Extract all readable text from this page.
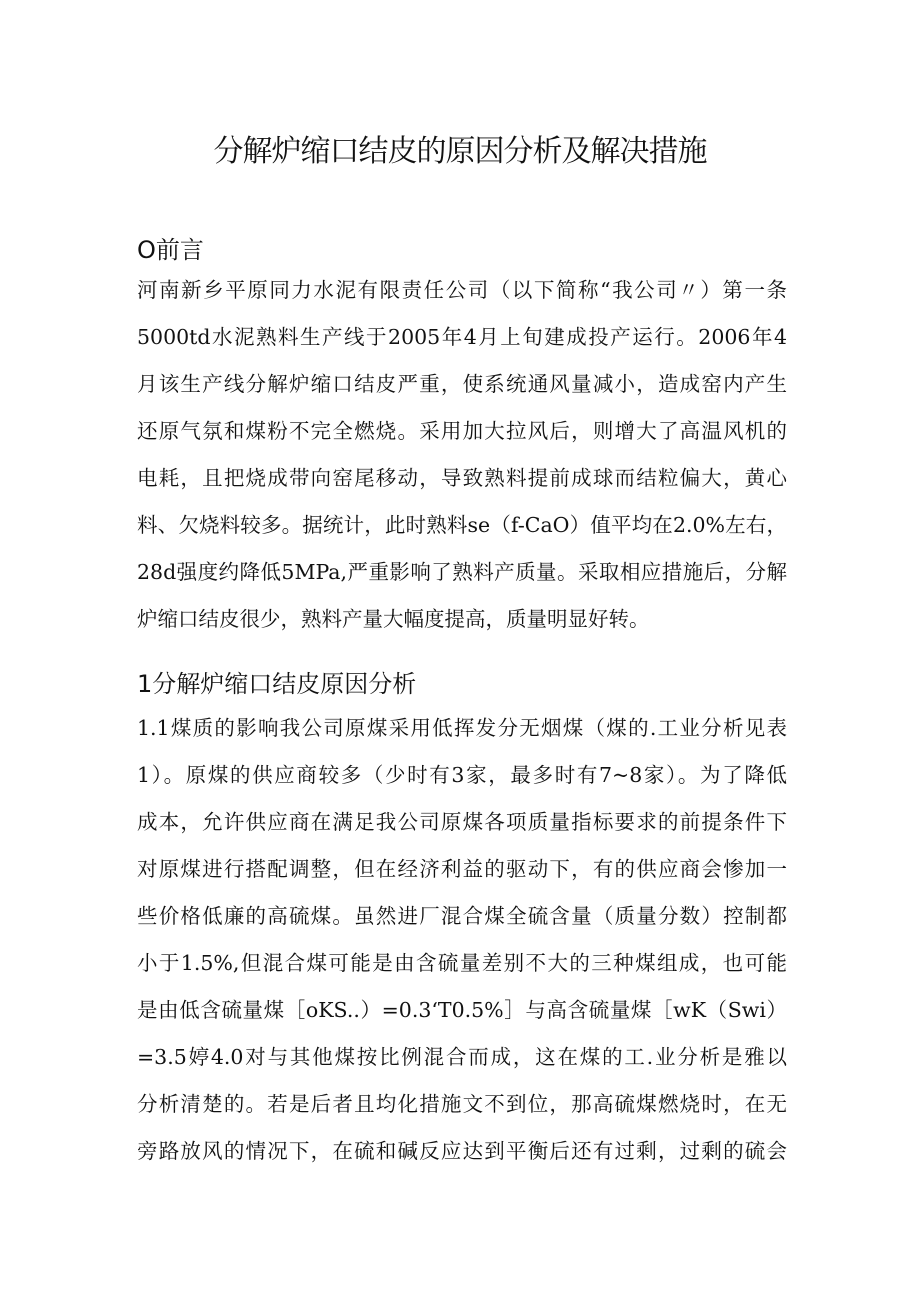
分解炉缩口结皮的原因分析及解决措施
O前言

河南新乡平原同力水泥有限责任公司（以下简称“我公司〃）第一条

5000td水泥熟料生产线于2005年4月上旬建成投产运行。2006年4

月该生产线分解炉缩口结皮严重，使系统通风量减小，造成窑内产生

还原气氛和煤粉不完全燃烧。采用加大拉风后，则增大了高温风机的

电耗，且把烧成带向窑尾移动，导致熟料提前成球而结粒偏大，黄心

料、欠烧料较多。据统计，此时熟料se（f-CaO）值平均在2.0%左右，

28d强度约降低5MPa,严重影响了熟料产质量。采取相应措施后，分解

炉缩口结皮很少，熟料产量大幅度提高，质量明显好转。

1分解炉缩口结皮原因分析

1.1煤质的影响我公司原煤采用低挥发分无烟煤（煤的.工业分析见表

1）。原煤的供应商较多（少时有3家，最多时有7~8家）。为了降低

成本，允许供应商在满足我公司原煤各项质量指标要求的前提条件下

对原煤进行搭配调整，但在经济利益的驱动下，有的供应商会惨加一

些价格低廉的高硫煤。虽然进厂混合煤全硫含量（质量分数）控制都

小于1.5%,但混合煤可能是由含硫量差别不大的三种煤组成，也可能

是由低含硫量煤［oKS..）=0.3‘T0.5%］与高含硫量煤［wK（Swi）

=3.5婷4.0对与其他煤按比例混合而成，这在煤的工.业分析是雅以

分析清楚的。若是后者且均化措施文不到位，那高硫煤燃烧时，在无

旁路放风的情况下，在硫和碱反应达到平衡后还有过剩，过剩的硫会
